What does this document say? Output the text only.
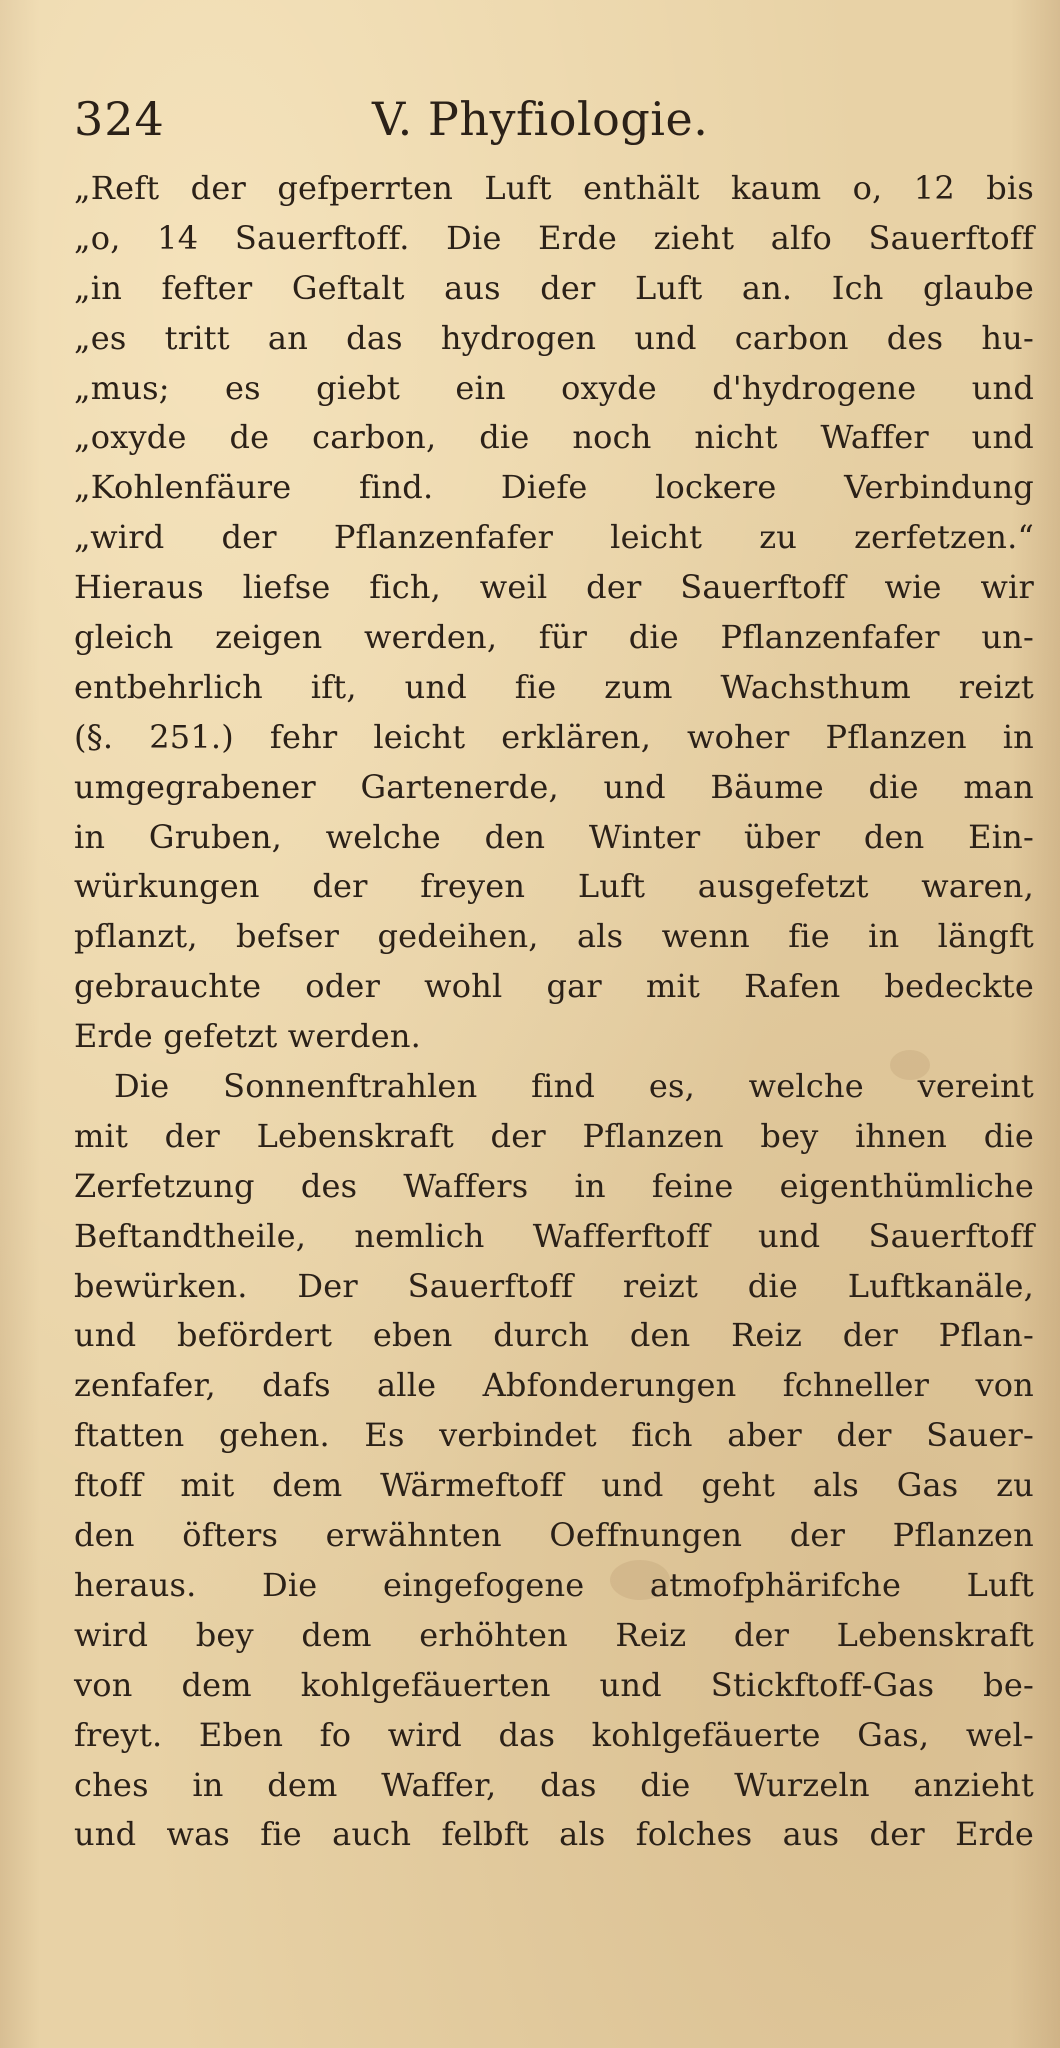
324	V. Phyfiologie.
„Reft der gefperrten Luft enthält kaum o, 12 bis
„o, 14 Sauerftoff. Die Erde zieht alfo Sauerftoff
„in fefter Geftalt aus der Luft an. Ich glaube
„es tritt an das hydrogen und carbon des hu-
„mus; es giebt ein oxyde d'hydrogene und
„oxyde de carbon, die noch nicht Waffer und
„Kohlenfäure find. Diefe lockere Verbindung
„wird der Pflanzenfafer leicht zu zerfetzen.“
Hieraus liefse fich, weil der Sauerftoff wie wir
gleich zeigen werden, für die Pflanzenfafer un-
entbehrlich ift, und fie zum Wachsthum reizt
(§. 251.) fehr leicht erklären, woher Pflanzen in
umgegrabener Gartenerde, und Bäume die man
in Gruben, welche den Winter über den Ein-
würkungen der freyen Luft ausgefetzt waren,
pflanzt, befser gedeihen, als wenn fie in längft
gebrauchte oder wohl gar mit Rafen bedeckte
Erde gefetzt werden.
Die Sonnenftrahlen find es, welche vereint
mit der Lebenskraft der Pflanzen bey ihnen die
Zerfetzung des Waffers in feine eigenthümliche
Beftandtheile, nemlich Wafferftoff und Sauerftoff
bewürken. Der Sauerftoff reizt die Luftkanäle,
und befördert eben durch den Reiz der Pflan-
zenfafer, dafs alle Abfonderungen fchneller von
ftatten gehen. Es verbindet fich aber der Sauer-
ftoff mit dem Wärmeftoff und geht als Gas zu
den öfters erwähnten Oeffnungen der Pflanzen
heraus. Die eingefogene atmofphärifche Luft
wird bey dem erhöhten Reiz der Lebenskraft
von dem kohlgefäuerten und Stickftoff-Gas be-
freyt. Eben fo wird das kohlgefäuerte Gas, wel-
ches in dem Waffer, das die Wurzeln anzieht
und was fie auch felbft als folches aus der Erde
